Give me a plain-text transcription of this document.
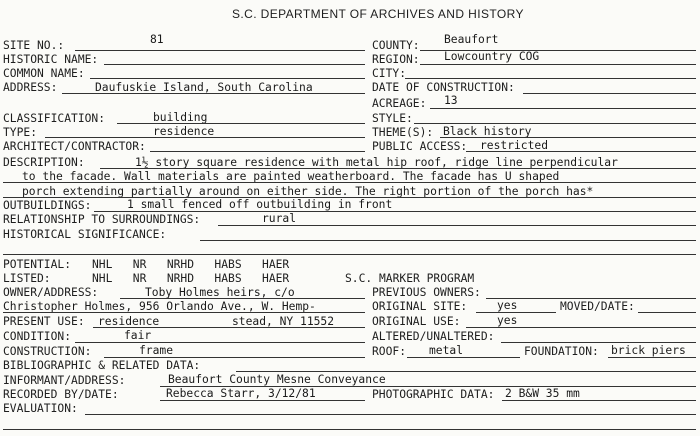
S.C. DEPARTMENT OF ARCHIVES AND HISTORY
SITE NO.:	81	COUNTY: Beaufort
HISTORIC NAME:	REGION: Lowcountry COG
COMMON NAME:	CITY:
ADDRESS:	Daufuskie Island, South Carolina	DATE OF CONSTRUCTION:
ACREAGE: 13
CLASSIFICATION:	building	STYLE:
TYPE:	residence	THEME(S): Black history
ARCHITECT/CONTRACTOR:	PUBLIC ACCESS: restricted
DESCRIPTION:	1½ story square residence with metal hip roof, ridge line perpendicular
to the facade. Wall materials are painted weatherboard. The facade has U shaped
porch extending partially around on either side. The right portion of the porch has*
OUTBUILDINGS:	1 small fenced off outbuilding in front
RELATIONSHIP TO SURROUNDINGS:	rural
HISTORICAL SIGNIFICANCE:
POTENTIAL: NHL   NR   NRHD   HABS   HAER
LISTED:	NHL   NR   NRHD   HABS   HAER	S.C. MARKER PROGRAM
OWNER/ADDRESS:	Toby Holmes heirs, c/o	PREVIOUS OWNERS:
Christopher Holmes, 956 Orlando Ave., W. Hemp-	ORIGINAL SITE:	yes	MOVED/DATE:
PRESENT USE: residence	stead, NY 11552	ORIGINAL USE:	yes
CONDITION:	fair	ALTERED/UNALTERED:
CONSTRUCTION:	frame	ROOF: metal	FOUNDATION: brick piers
BIBLIOGRAPHIC & RELATED DATA:
INFORMANT/ADDRESS:	Beaufort County Mesne Conveyance
RECORDED BY/DATE:	Rebecca Starr, 3/12/81	PHOTOGRAPHIC DATA: 2 B&W 35 mm
EVALUATION:
